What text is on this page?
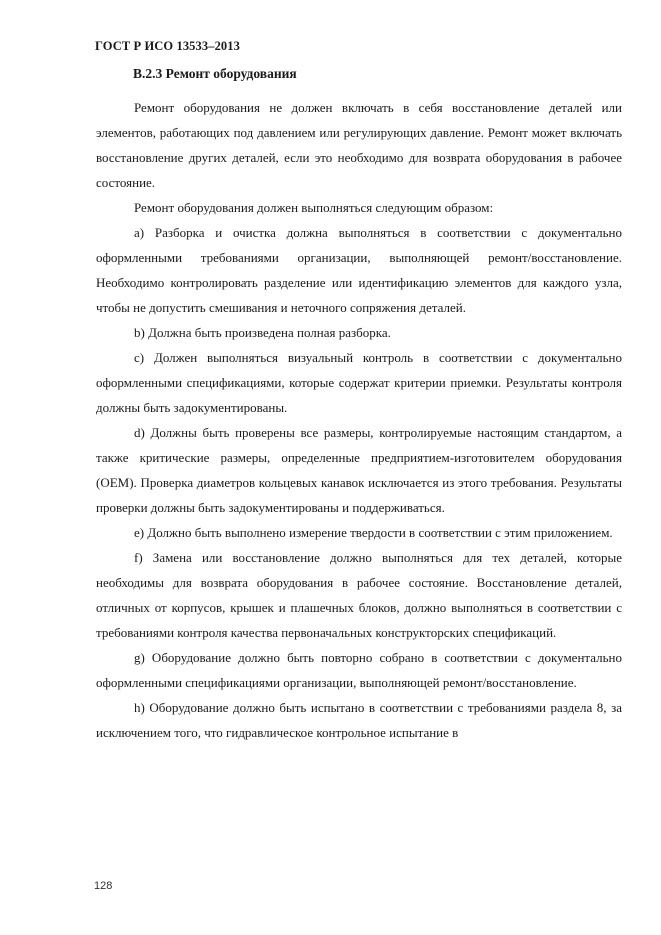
ГОСТ Р ИСО 13533–2013
B.2.3 Ремонт оборудования

Ремонт оборудования не должен включать в себя восстановление деталей или элементов, работающих под давлением или регулирующих давление. Ремонт может включать восстановление других деталей, если это необходимо для возврата оборудования в рабочее состояние.

Ремонт оборудования должен выполняться следующим образом:

a) Разборка и очистка должна выполняться в соответствии с документально оформленными требованиями организации, выполняющей ремонт/восстановление. Необходимо контролировать разделение или идентификацию элементов для каждого узла, чтобы не допустить смешивания и неточного сопряжения деталей.

b) Должна быть произведена полная разборка.

c) Должен выполняться визуальный контроль в соответствии с документально оформленными спецификациями, которые содержат критерии приемки. Результаты контроля должны быть задокументированы.

d) Должны быть проверены все размеры, контролируемые настоящим стандартом, а также критические размеры, определенные предприятием-изготовителем оборудования (OEM). Проверка диаметров кольцевых канавок исключается из этого требования. Результаты проверки должны быть задокументированы и поддерживаться.

e) Должно быть выполнено измерение твердости в соответствии с этим приложением.

f) Замена или восстановление должно выполняться для тех деталей, которые необходимы для возврата оборудования в рабочее состояние. Восстановление деталей, отличных от корпусов, крышек и плашечных блоков, должно выполняться в соответствии с требованиями контроля качества первоначальных конструкторских спецификаций.

g) Оборудование должно быть повторно собрано в соответствии с документально оформленными спецификациями организации, выполняющей ремонт/восстановление.

h) Оборудование должно быть испытано в соответствии с требованиями раздела 8, за исключением того, что гидравлическое контрольное испытание в

128
